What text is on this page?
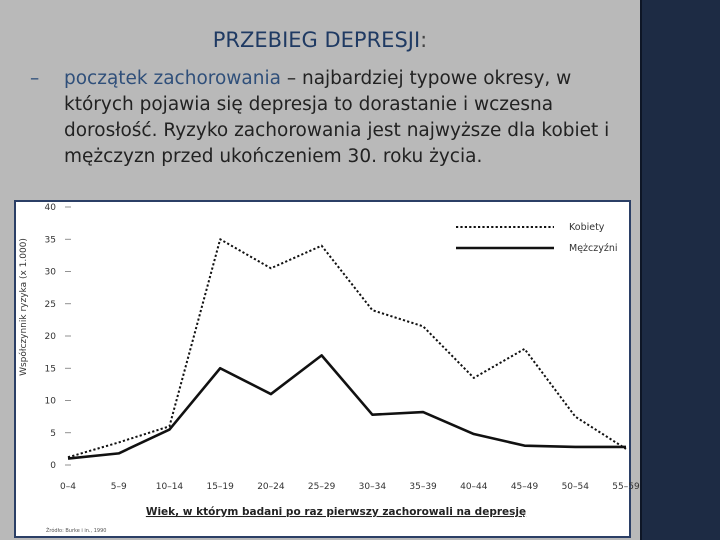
PRZEBIEG DEPRESJI:
– początek zachorowania – najbardziej typowe okresy, w których pojawia się depresja to dorastanie i wczesna dorosłość. Ryzyko zachorowania jest najwyższe dla kobiet i mężczyzn przed ukończeniem 30. roku życia.
0
5
10
15
20
25
30
35
40
0–4	5–9	10–14	15–19	20–24	25–29	30–34	35–39	40–44	45–49	50–54	55–59
Kobiety
Mężczyźni
Współczynnik ryzyka (x 1.000)
Wiek, w którym badani po raz pierwszy zachorowali na depresję
Źródło: Burke i in., 1990
